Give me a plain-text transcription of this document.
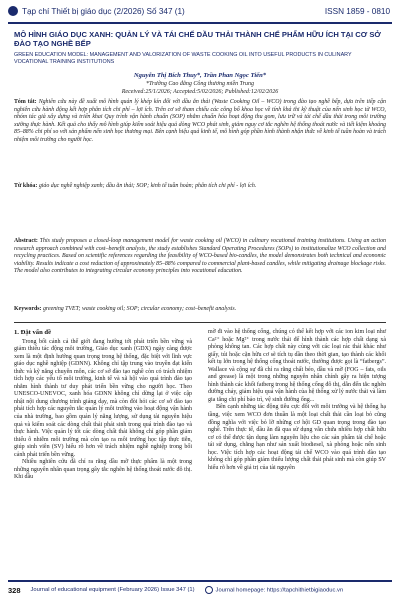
Tạp chí Thiết bị giáo dục (2/2026) Số 347 (1)	ISSN 1859 - 0810
MÔ HÌNH GIÁO DỤC XANH: QUẢN LÝ VÀ TÁI CHẾ DẦU THẢI THÀNH CHẾ PHẨM HỮU ÍCH TẠI CƠ SỞ ĐÀO TẠO NGHỀ BẾP
GREEN EDUCATION MODEL: MANAGEMENT AND VALORIZATION OF WASTE COOKING OIL INTO USEFUL PRODUCTS IN CULINARY VOCATIONAL TRAINING INSTITUTIONS
Nguyễn Thị Bích Thuy*, Trần Phan Ngọc Tiến*
*Trường Cao đẳng Công thương miền Trung
Received:25/1/2026; Accepted:5/02/2026; Published:12/02/2026
Tóm tắt: Nghiên cứu này đề xuất mô hình quản lý khép kín đối với dầu ăn thải (Waste Cooking Oil – WCO) trong đào tạo nghề bếp, dựa trên tiếp cận nghiên cứu hành động kết hợp phân tích chi phí – lợi ích. Trên cơ sở tham chiếu các công bố khoa học về tính khả thi kỹ thuật của nến sinh học từ WCO, nhóm tác giả xây dựng và triển khai Quy trình vận hành chuẩn (SOP) nhằm chuẩn hóa hoạt động thu gom, lưu trữ và tái chế dầu thải trong môi trường xưởng thực hành. Kết quả cho thấy mô hình giúp kiểm soát hiệu quả dòng WCO phát sinh, giảm nguy cơ tắc nghẽn hệ thống thoát nước và tiết kiệm khoảng 85–88% chi phí so với sản phẩm nến sinh học thương mại. Bên cạnh hiệu quả kinh tế, mô hình góp phần hình thành nhận thức về kinh tế tuần hoàn và trách nhiệm môi trường cho người học.
Từ khóa: giáo dục nghề nghiệp xanh; dầu ăn thải; SOP; kinh tế tuần hoàn; phân tích chi phí - lợi ích.
Abstract: This study proposes a closed-loop management model for waste cooking oil (WCO) in culinary vocational training institutions. Using an action research approach combined with cost–benefit analysis, the study establishes Standard Operating Procedures (SOPs) to institutionalize WCO collection and recycling practices. Based on scientific references regarding the feasibility of WCO-based bio-candles, the model demonstrates both technical and economic viability. Results indicate a cost reduction of approximately 85–88% compared to commercial plant-based candles, while mitigating drainage blockage risks. The model also contributes to integrating circular economy principles into vocational education.
Keywords: greening TVET; waste cooking oil; SOP; circular economy; cost–benefit analysis.
1. Đặt vấn đề

Trong bối cảnh cả thế giới đang hướng tới phát triển bền vững và giảm thiểu tác động môi trường, Giáo dục xanh (GDX) ngày càng được xem là một định hướng quan trọng trong hệ thống, đặc biệt với lĩnh vực giáo dục nghề nghiệp (GDNN). Không chỉ tập trung vào truyền đạt kiến thức và kỹ năng chuyên môn, các cơ sở đào tạo nghề còn có trách nhiệm tích hợp các yếu tố môi trường, kinh tế và xã hội vào quá trình đào tạo nhằm hình thành tư duy phát triển bền vững cho người học. Theo UNESCO-UNEVOC, xanh hóa GDNN không chỉ dừng lại ở việc cập nhật nội dung chương trình giảng dạy, mà còn đòi hỏi các cơ sở đào tạo phải tích hợp các nguyên tắc quản lý môi trường vào hoạt động vận hành của nhà trường, bao gồm quản lý năng lượng, sử dụng tài nguyên hiệu quả và kiểm soát các dòng chất thải phát sinh trong quá trình đào tạo và thực hành. Việc quản lý tốt các dòng chất thải không chỉ góp phần giảm thiểu ô nhiễm môi trường mà còn tạo ra môi trường học tập thực tiễn, giúp sinh viên (SV) hiểu rõ hơn về trách nhiệm nghề nghiệp trong bối cảnh phát triển bền vững.

Nhiều nghiên cứu đã chỉ ra rằng dầu mỡ thực phẩm là một trong những nguyên nhân quan trọng gây tắc nghẽn hệ thống thoát nước đô thị. Khi dầu

mỡ đi vào hệ thống cống, chúng có thể kết hợp với các ion kim loại như Ca²⁺ hoặc Mg²⁺ trong nước thải để hình thành các hợp chất dạng xà phòng không tan. Các hợp chất này cùng với các loại rác thải khác như giấy, túi hoặc cặn hữu cơ sẽ tích tụ dần theo thời gian, tạo thành các khối kết tụ lớn trong hệ thống cống thoát nước, thường được gọi là “fatbergs”. Wallace và cộng sự đã chỉ ra rằng chất béo, dầu và mỡ (FOG – fats, oils and grease) là một trong những nguyên nhân chính gây ra hiện tượng hình thành các khối fatberg trong hệ thống cống đô thị, dẫn đến tắc nghẽn đường chảy, giảm hiệu quả vận hành của hệ thống xử lý nước thải và làm gia tăng chi phí bảo trì, vệ sinh đường ống...

Bên cạnh những tác động tiêu cực đối với môi trường và hệ thống hạ tầng, việc xem WCO đơn thuần là một loại chất thải cần loại bỏ cũng đồng nghĩa với việc bỏ lỡ những cơ hội GD quan trọng trong đào tạo nghề. Trên thực tế, dầu ăn đã qua sử dụng vẫn chứa nhiều hợp chất hữu cơ có thể được tận dụng làm nguyên liệu cho các sản phẩm tái chế hoặc tái sử dụng, chẳng hạn như sản xuất biodiesel, xà phòng hoặc nến sinh học. Việc tích hợp các hoạt động tái chế WCO vào quá trình đào tạo không chỉ góp phần giảm thiểu lượng chất thải phát sinh mà còn giúp SV hiểu rõ hơn về giá trị của tài nguyên

328 Journal of educational equipment (February 2026) Issue 347 (1)	Journal homepage: https://tapchithietbigiaoduc.vn
